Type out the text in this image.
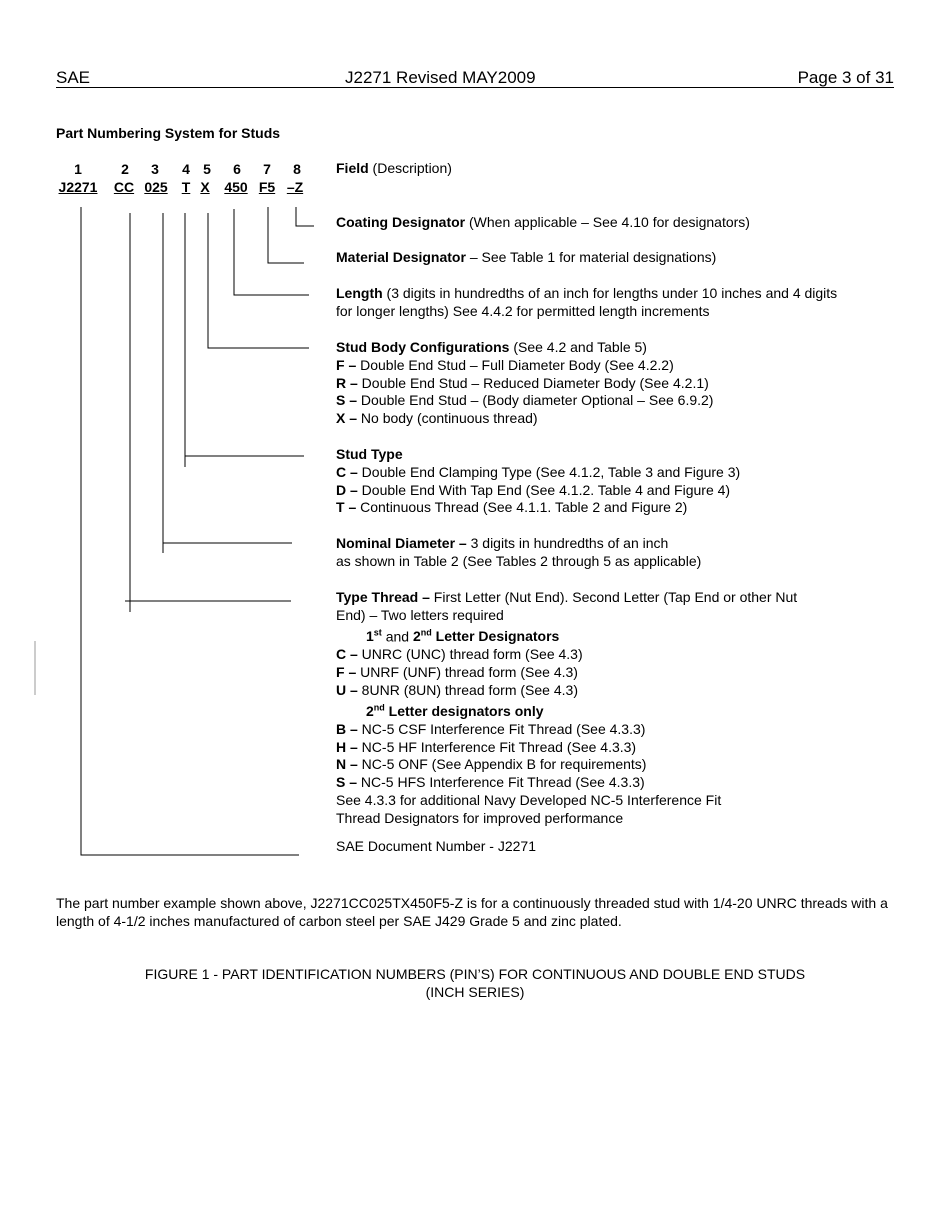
SAE	J2271 Revised MAY2009	Page 3 of 31
Part Numbering System for Studs
1	2	3	4 5	6	7	8
J2271 CC 025 T X 450 F5 –Z
Field (Description)
Coating Designator (When applicable – See 4.10 for designators)
Material Designator – See Table 1 for material designations)
Length (3 digits in hundredths of an inch for lengths under 10 inches and 4 digits
for longer lengths) See 4.4.2 for permitted length increments
Stud Body Configurations (See 4.2 and Table 5)
F – Double End Stud – Full Diameter Body (See 4.2.2)
R – Double End Stud – Reduced Diameter Body (See 4.2.1)
S – Double End Stud – (Body diameter Optional – See 6.9.2)
X – No body (continuous thread)
Stud Type
C – Double End Clamping Type (See 4.1.2, Table 3 and Figure 3)
D – Double End With Tap End (See 4.1.2. Table 4 and Figure 4)
T – Continuous Thread (See 4.1.1. Table 2 and Figure 2)
Nominal Diameter – 3 digits in hundredths of an inch
as shown in Table 2 (See Tables 2 through 5 as applicable)
Type Thread – First Letter (Nut End). Second Letter (Tap End or other Nut
End) – Two letters required
1st and 2nd Letter Designators
C – UNRC (UNC) thread form (See 4.3)
F – UNRF (UNF) thread form (See 4.3)
U – 8UNR (8UN) thread form (See 4.3)
2nd Letter designators only
B – NC-5 CSF Interference Fit Thread (See 4.3.3)
H – NC-5 HF Interference Fit Thread (See 4.3.3)
N – NC-5 ONF (See Appendix B for requirements)
S – NC-5 HFS Interference Fit Thread (See 4.3.3)
See 4.3.3 for additional Navy Developed NC-5 Interference Fit
Thread Designators for improved performance
SAE Document Number - J2271
The part number example shown above, J2271CC025TX450F5-Z is for a continuously threaded stud with 1/4-20 UNRC threads with a length of 4-1/2 inches manufactured of carbon steel per SAE J429 Grade 5 and zinc plated.
FIGURE 1 - PART IDENTIFICATION NUMBERS (PIN’S) FOR CONTINUOUS AND DOUBLE END STUDS
(INCH SERIES)
